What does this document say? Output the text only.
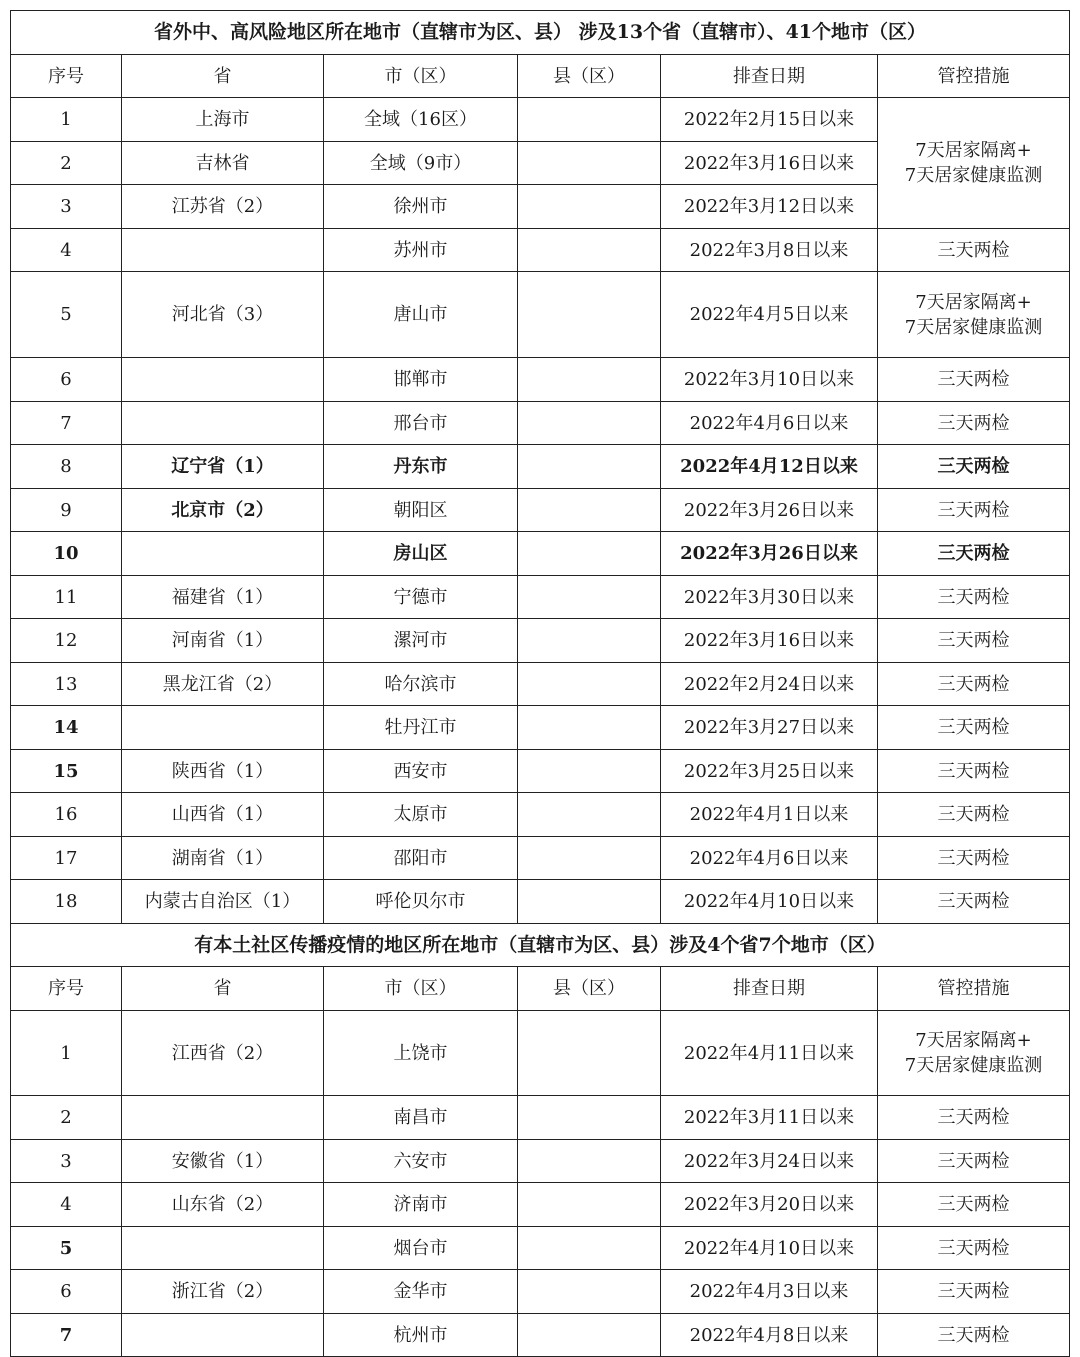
省外中、高风险地区所在地市（直辖市为区、县） 涉及13个省（直辖市）、41个地市（区）					
序号	省	市（区）	县（区）	排查日期	管控措施
1	上海市	全域（16区）		2022年2月15日以来	7天居家隔离+
7天居家健康监测

2	吉林省	全域（9市）		2022年3月16日以来	
3	江苏省（2）	徐州市		2022年3月12日以来	
4		苏州市		2022年3月8日以来	三天两检
5	河北省（3）	唐山市		2022年4月5日以来	7天居家隔离+
7天居家健康监测

6		邯郸市		2022年3月10日以来	三天两检
7		邢台市		2022年4月6日以来	三天两检
8	辽宁省（1）	丹东市		2022年4月12日以来	三天两检
9	北京市（2）	朝阳区		2022年3月26日以来	三天两检
10		房山区		2022年3月26日以来	三天两检
11	福建省（1）	宁德市		2022年3月30日以来	三天两检
12	河南省（1）	漯河市		2022年3月16日以来	三天两检
13	黑龙江省（2）	哈尔滨市		2022年2月24日以来	三天两检
14		牡丹江市		2022年3月27日以来	三天两检
15	陕西省（1）	西安市		2022年3月25日以来	三天两检
16	山西省（1）	太原市		2022年4月1日以来	三天两检
17	湖南省（1）	邵阳市		2022年4月6日以来	三天两检
18	内蒙古自治区（1）	呼伦贝尔市		2022年4月10日以来	三天两检
有本土社区传播疫情的地区所在地市（直辖市为区、县）涉及4个省7个地市（区）					
序号	省	市（区）	县（区）	排查日期	管控措施
1	江西省（2）	上饶市		2022年4月11日以来	7天居家隔离+
7天居家健康监测

2		南昌市		2022年3月11日以来	三天两检
3	安徽省（1）	六安市		2022年3月24日以来	三天两检
4	山东省（2）	济南市		2022年3月20日以来	三天两检
5		烟台市		2022年4月10日以来	三天两检
6	浙江省（2）	金华市		2022年4月3日以来	三天两检
7		杭州市		2022年4月8日以来	三天两检
